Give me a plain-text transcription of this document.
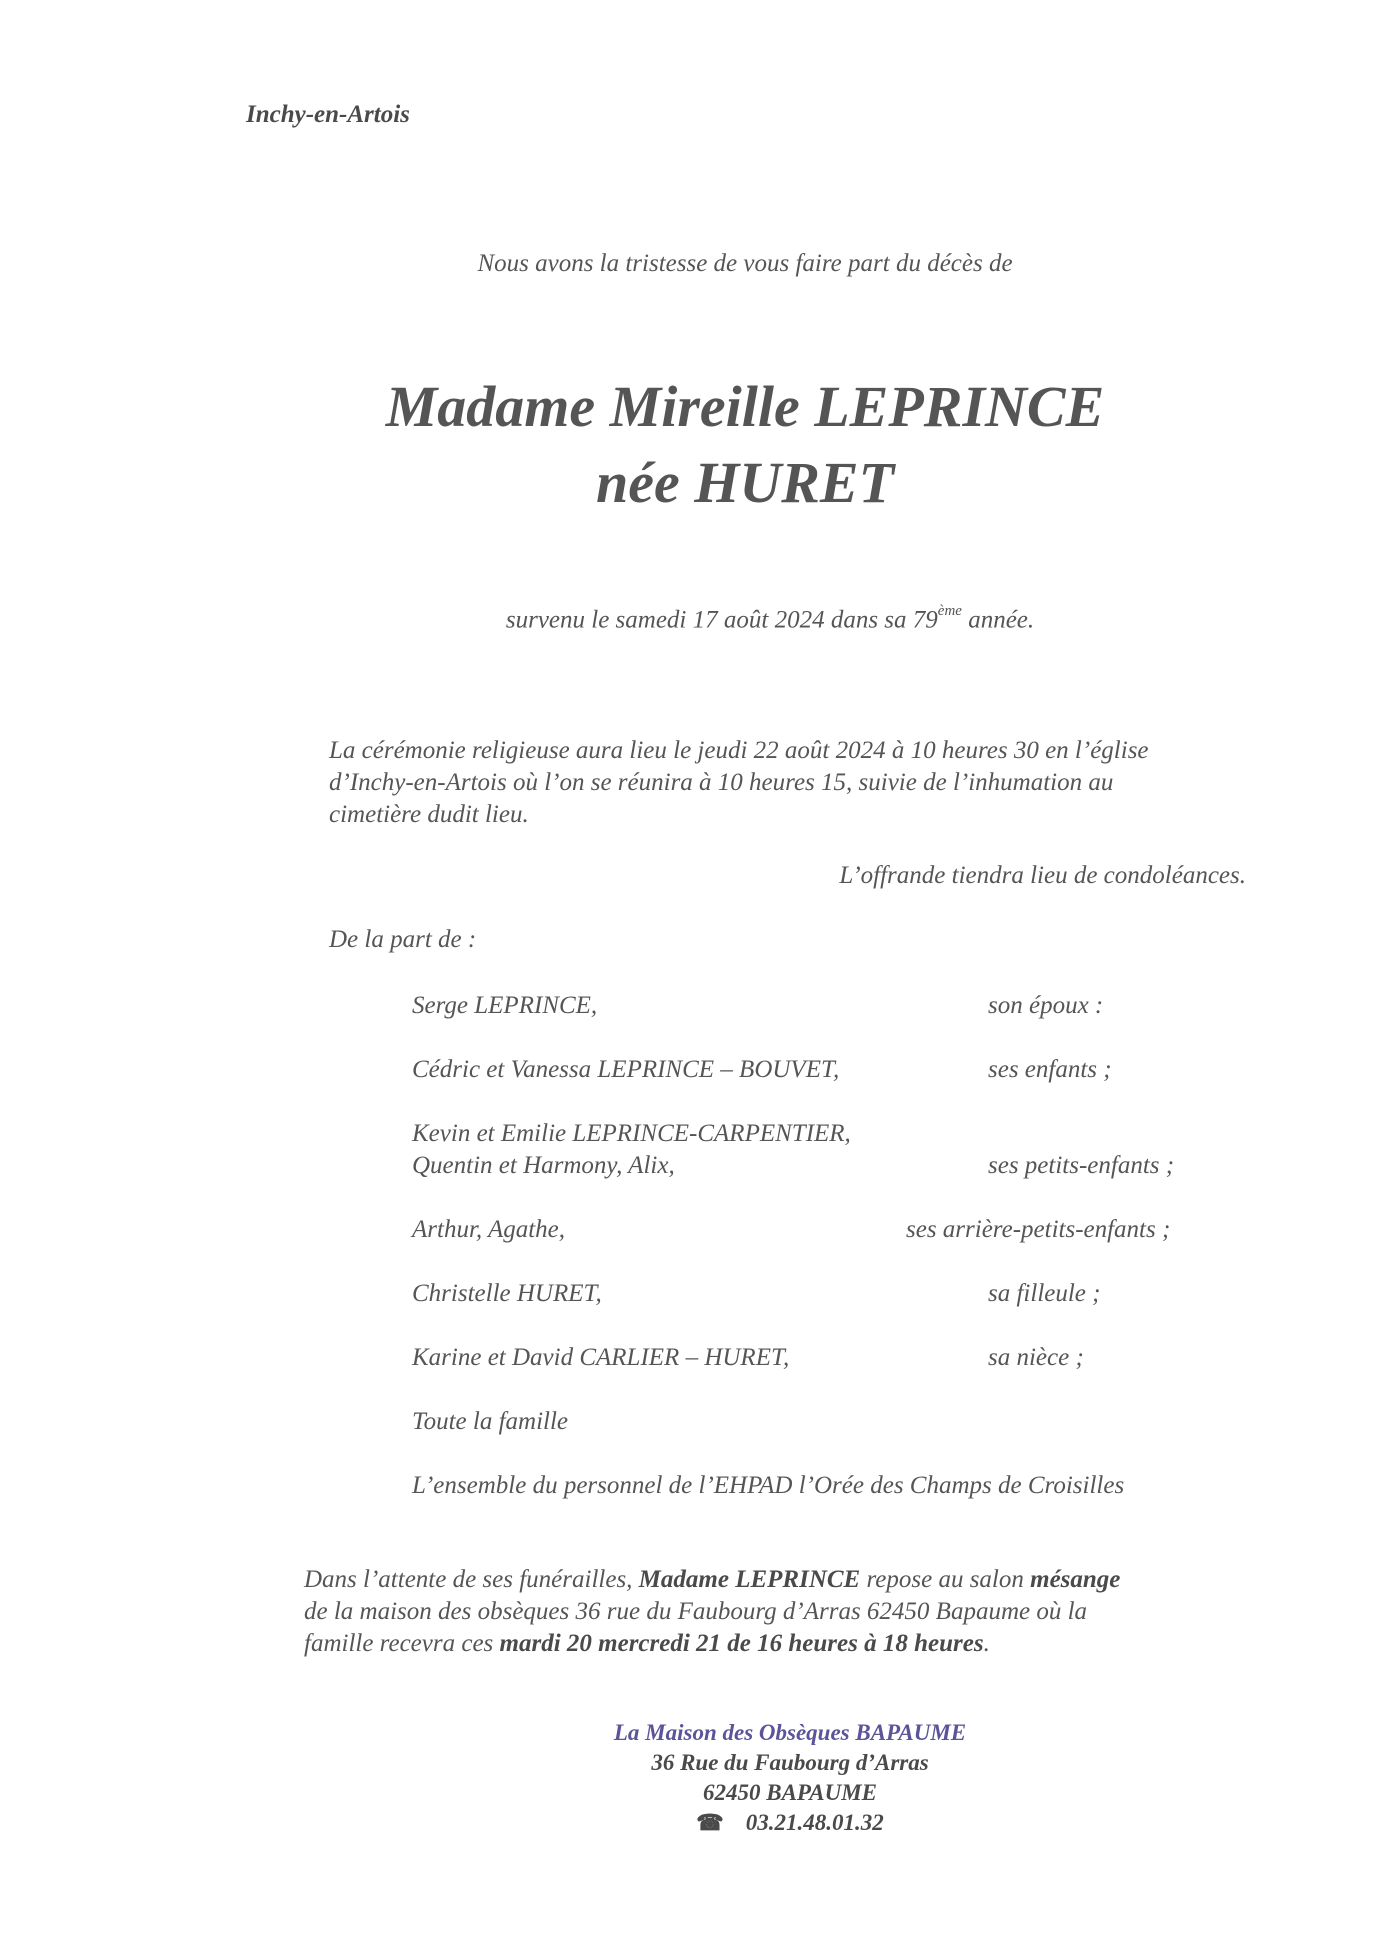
Inchy-en-Artois
Nous avons la tristesse de vous faire part du décès de
Madame Mireille LEPRINCE
née HURET
survenu le samedi 17 août 2024 dans sa 79ème année.
La cérémonie religieuse aura lieu le jeudi 22 août 2024 à 10 heures 30 en l’église
d’Inchy-en-Artois où l’on se réunira à 10 heures 15, suivie de l’inhumation au
cimetière dudit lieu.
L’offrande tiendra lieu de condoléances.
De la part de :
Serge LEPRINCE,	son époux :
Cédric et Vanessa LEPRINCE – BOUVET,	ses enfants ;
Kevin et Emilie LEPRINCE-CARPENTIER,
Quentin et Harmony, Alix,	ses petits-enfants ;
Arthur, Agathe,	ses arrière-petits-enfants ;
Christelle HURET,	sa filleule ;
Karine et David CARLIER – HURET,	sa nièce ;
Toute la famille
L’ensemble du personnel de l’EHPAD l’Orée des Champs de Croisilles
Dans l’attente de ses funérailles, Madame LEPRINCE repose au salon mésange
de la maison des obsèques 36 rue du Faubourg d’Arras 62450 Bapaume où la
famille recevra ces mardi 20 mercredi 21 de 16 heures à 18 heures.
La Maison des Obsèques BAPAUME
36 Rue du Faubourg d’Arras
62450 BAPAUME
☎ 03.21.48.01.32
